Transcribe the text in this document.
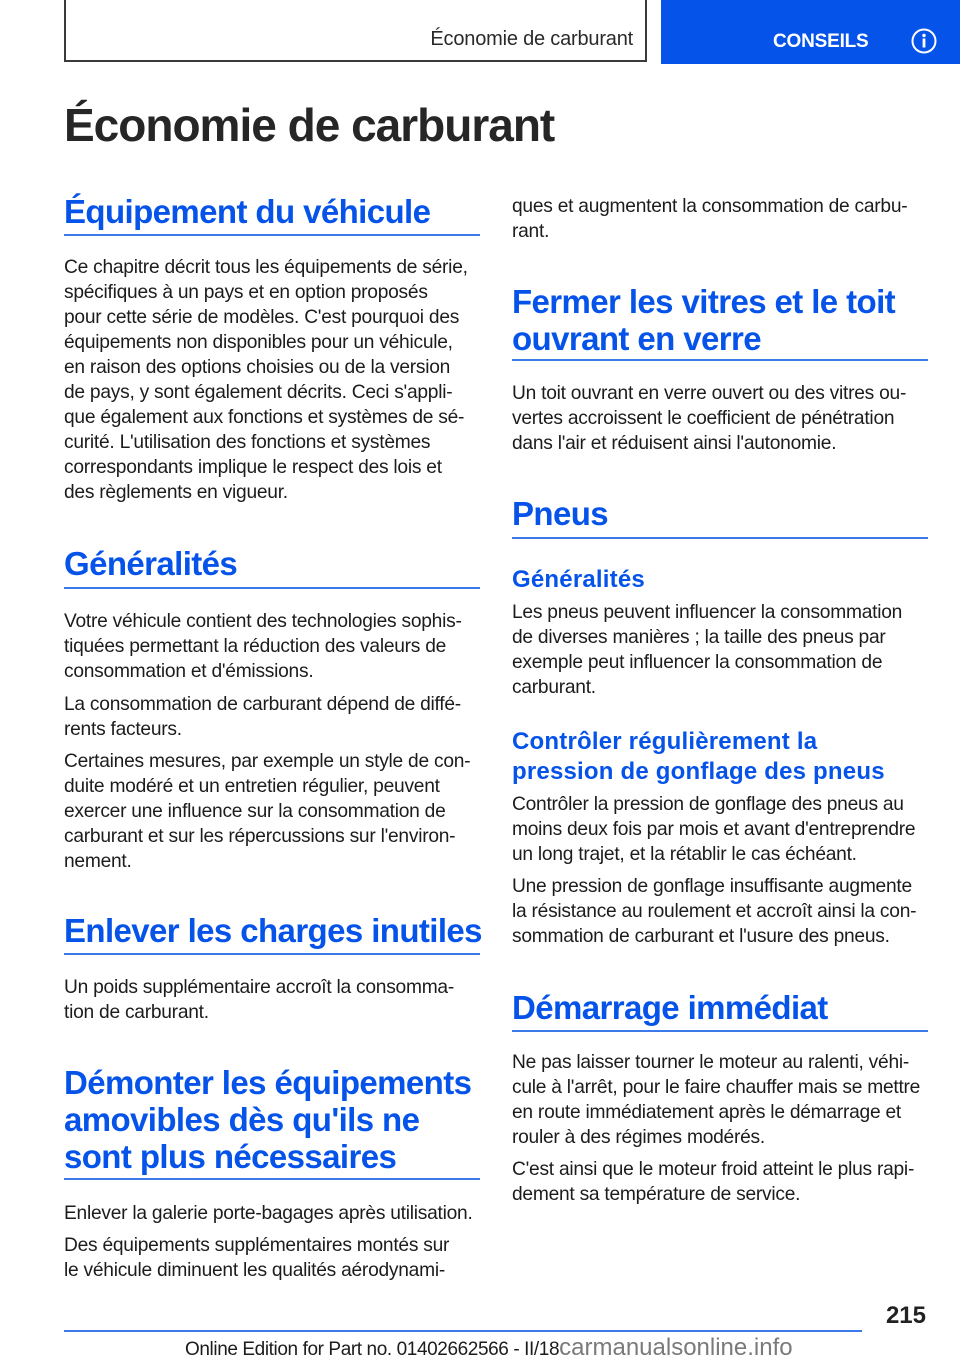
Économie de carburant	CONSEILS
Économie de carburant
Équipement du véhicule

Ce chapitre décrit tous les équipements de série,
spécifiques à un pays et en option proposés
pour cette série de modèles. C'est pourquoi des
équipements non disponibles pour un véhicule,
en raison des options choisies ou de la version
de pays, y sont également décrits. Ceci s'appli-
que également aux fonctions et systèmes de sé-
curité. L'utilisation des fonctions et systèmes
correspondants implique le respect des lois et
des règlements en vigueur.

Généralités

Votre véhicule contient des technologies sophis-
tiquées permettant la réduction des valeurs de
consommation et d'émissions.

La consommation de carburant dépend de diffé-
rents facteurs.

Certaines mesures, par exemple un style de con-
duite modéré et un entretien régulier, peuvent
exercer une influence sur la consommation de
carburant et sur les répercussions sur l'environ-
nement.

Enlever les charges inutiles

Un poids supplémentaire accroît la consomma-
tion de carburant.

Démonter les équipements
amovibles dès qu'ils ne
sont plus nécessaires

Enlever la galerie porte-bagages après utilisation.

Des équipements supplémentaires montés sur
le véhicule diminuent les qualités aérodynami-

ques et augmentent la consommation de carbu-
rant.

Fermer les vitres et le toit
ouvrant en verre

Un toit ouvrant en verre ouvert ou des vitres ou-
vertes accroissent le coefficient de pénétration
dans l'air et réduisent ainsi l'autonomie.

Pneus
Généralités

Les pneus peuvent influencer la consommation
de diverses manières ; la taille des pneus par
exemple peut influencer la consommation de
carburant.

Contrôler régulièrement la
pression de gonflage des pneus

Contrôler la pression de gonflage des pneus au
moins deux fois par mois et avant d'entreprendre
un long trajet, et la rétablir le cas échéant.

Une pression de gonflage insuffisante augmente
la résistance au roulement et accroît ainsi la con-
sommation de carburant et l'usure des pneus.

Démarrage immédiat

Ne pas laisser tourner le moteur au ralenti, véhi-
cule à l'arrêt, pour le faire chauffer mais se mettre
en route immédiatement après le démarrage et
rouler à des régimes modérés.

C'est ainsi que le moteur froid atteint le plus rapi-
dement sa température de service.

215
Online Edition for Part no. 01402662566 - II/18carmanualsonline.info
